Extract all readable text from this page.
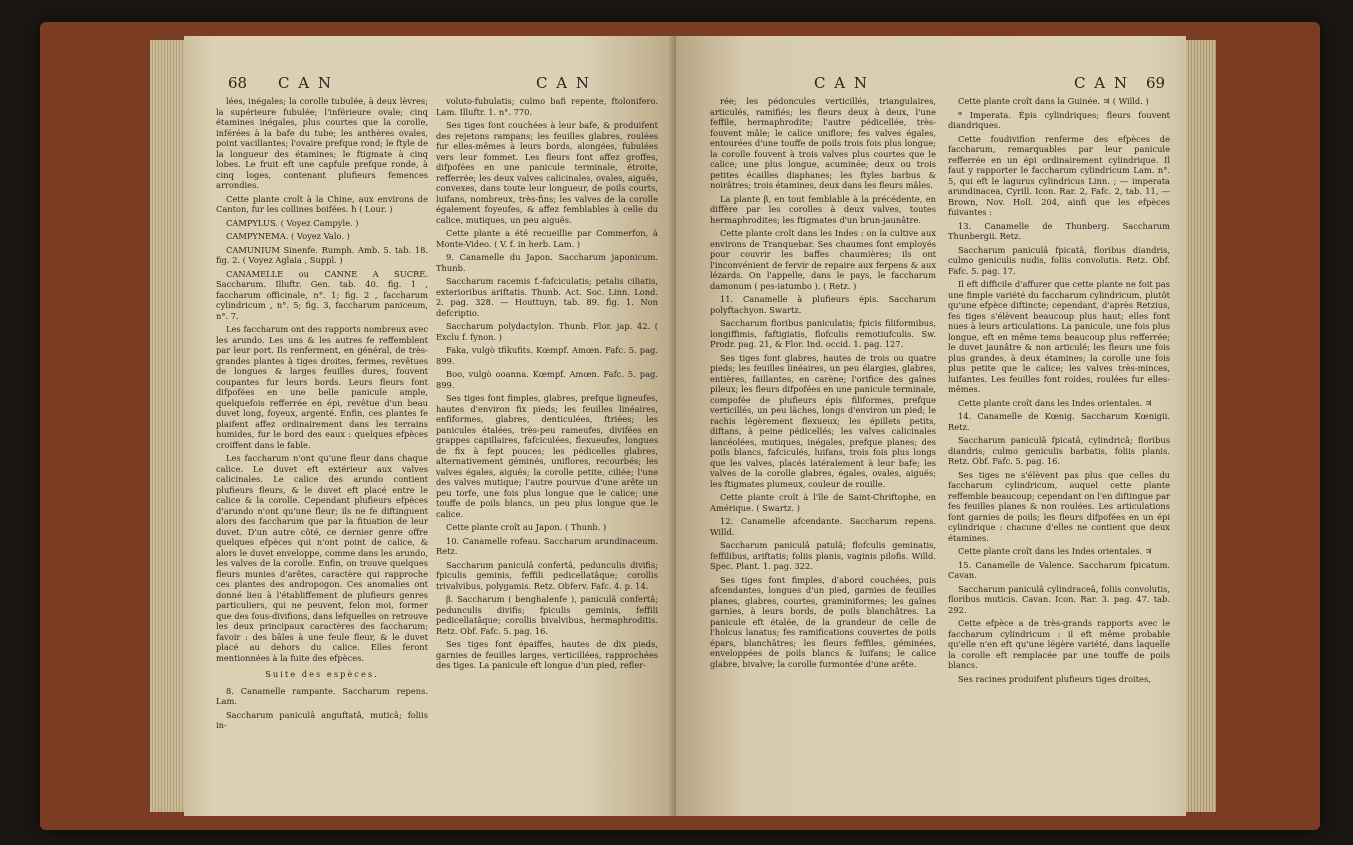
68 C A N	C A N

lées, inégales; la corolle tubulée, à deux lèvres; la supérieure fubulée; l'inférieure ovale; cinq étamines inégales, plus courtes que la corolle, inférées à la bafe du tube; les anthères ovales, point vacillantes; l'ovaire prefque rond; le ftyle de la longueur des étamines; le ftigmate à cinq lobes. Le fruit eft une capfule prefque ronde, à cinq loges, contenant plufieurs femences arrondies.

Cette plante croît à la Chine, aux environs de Canton, fur les collines boifées. ħ ( Lour. )

CAMPYLUS. ( Voyez Campyle. )

CAMPYNEMA. ( Voyez Valo. )

CAMUNIUM Sinenfe. Rumph. Amb. 5. tab. 18. fig. 2. ( Voyez Aglaia , Suppl. )

CANAMELLE ou CANNE A SUCRE. Saccharum. Illuftr. Gen. tab. 40. fig. 1 , faccharum officinale, n°. 1; fig. 2 , faccharum cylindricum , n°. 5; fig. 3, faccharum paniceum, n°. 7.

Les faccharum ont des rapports nombreux avec les arundo. Les uns & les autres fe reffemblent par leur port. Ils renferment, en général, de très-grandes plantes à tiges droites, fermes, revêtues de longues & larges feuilles dures, fouvent coupantes fur leurs bords. Leurs fleurs font difpofées en une belle panicule ample, quelquefois refferrée en épi, revêtue d'un beau duvet long, foyeux, argenté. Enfin, ces plantes fe plaifent affez ordinairement dans les terrains humides, fur le bord des eaux : quelques efpèces croiffent dans le fable.

Les faccharum n'ont qu'une fleur dans chaque calice. Le duvet eft extérieur aux valves calicinales. Le calice des arundo contient plufieurs fleurs, & le duvet eft placé entre le calice & la corolle. Cependant plufieurs efpèces d'arundo n'ont qu'une fleur; ils ne fe diftinguent alors des faccharum que par la fituation de leur duvet. D'un autre côté, ce dernier genre offre quelques efpèces qui n'ont point de calice, & alors le duvet enveloppe, comme dans les arundo, les valves de la corolle. Enfin, on trouve quelques fleurs munies d'arêtes, caractère qui rapproche ces plantes des andropogon. Ces anomalies ont donné lieu à l'établiffement de plufieurs genres particuliers, qui ne peuvent, felon moi, former que des fous-divifions, dans lefquelles on retrouve les deux principaux caractères des faccharum; favoir : des bâles à une feule fleur, & le duvet placé au dehors du calice. Elles feront mentionnées à la fuite des efpèces.

Suite des espèces.

8. Canamelle rampante. Saccharum repens. Lam.

Saccharum paniculâ anguftatâ, muticâ; foliis in-

voluto-fubulatis; culmo bafi repente, ftolonifero. Lam. Illuftr. 1. n°. 770.

Ses tiges font couchées à leur bafe, & produifent des rejetons rampans; les feuilles glabres, roulées fur elles-mêmes à leurs bords, alongées, fubulées vers leur fommet. Les fleurs font affez groffes, difpofées en une panicule terminale, étroite, refferrée; les deux valves calicinales, ovales, aiguës, convexes, dans toute leur longueur, de poils courts, luifans, nombreux, très-fins; les valves de la corolle également foyeufes, & affez femblables à celle du calice, mutiques, un peu aiguës.

Cette plante a été recueillie par Commerfon, à Monte-Video. ( V. f. in herb. Lam. )

9. Canamelle du Japon. Saccharum japonicum. Thunb.

Saccharum racemis f.-fafciculatis; petalis ciliatis, exterioribus ariftatis. Thunb. Act. Soc. Linn. Lond. 2. pag. 328. — Houttuyn, tab. 89. fig. 1. Non defcriptio.

Saccharum polydactylon. Thunb. Flor. jap. 42. ( Exclu f. fynon. )

Faka, vulgò tfikufits. Kœmpf. Amœn. Fafc. 5. pag. 899.

Boo, vulgò ooanna. Kœmpf. Amœn. Fafc. 5. pag. 899.

Ses tiges font fimples, glabres, prefque ligneufes, hautes d'environ fix pieds; les feuilles linéaires, enfiformes, glabres, denticulées, ftriées; les panicules étalées, très-peu rameufes, divifées en grappes capillaires, fafciculées, flexueufes, longues de fix à fept pouces; les pédicelles glabres, alternativement géminés, uniflores, recourbés; les valves égales, aiguës; la corolle petite, ciliée; l'une des valves mutique; l'autre pourvue d'une arête un peu torfe, une fois plus longue que le calice; une touffe de poils blancs, un peu plus longue que le calice.

Cette plante croît au Japon. ( Thunb. )

10. Canamelle rofeau. Saccharum arundinaceum. Retz.

Saccharum paniculâ confertâ, pedunculis divifis; fpiculis geminis, feffili pedicellatâque; corollis trivalvibus, polygamis. Retz. Obferv. Fafc. 4. p. 14.

β. Saccharum ( benghalenfe ), paniculâ confertâ; pedunculis divifis; fpiculis geminis, feffili pedicellatâque; corollis bivalvibus, hermaphroditis. Retz. Obf. Fafc. 5. pag. 16.

Ses tiges font épaiffes, hautes de dix pieds, garnies de feuilles larges, verticillées, rapprochées des tiges. La panicule eft longue d'un pied, refler-

C A N	C A N 69

rée; les pédoncules verticillés, triangulaires, articulés, ramifiés; les fleurs deux à deux, l'une feffile, hermaphrodite; l'autre pédicellée, très-fouvent mâle; le calice uniflore; fes valves égales, entourées d'une touffe de poils trois fois plus longue; la corolle fouvent à trois valves plus courtes que le calice; une plus longue, acuminée; deux ou trois petites écailles diaphanes; les ftyles barbus & noirâtres; trois étamines, deux dans les fleurs mâles.

La plante β, en tout femblable à la précédente, en diffère par les corolles à deux valves, toutes hermaphrodites; les ftigmates d'un brun-jaunâtre.

Cette plante croît dans les Indes : on la cultive aux environs de Tranquebar. Ses chaumes font employés pour couvrir les baffes chaumières; ils ont l'inconvénient de fervir de repaire aux ferpens & aux lézards. On l'appelle, dans le pays, le faccharum damonum ( pes-iatumbo ). ( Retz. )

11. Canamelle à plufieurs épis. Saccharum polyftachyon. Swartz.

Saccharum floribus paniculatis; fpicis filiformibus, longiffimis, faftigiatis, flofculis remotiufculis. Sw. Prodr. pag. 21, & Flor. Ind. occid. 1. pag. 127.

Ses tiges font glabres, hautes de trois ou quatre pieds; les feuilles linéaires, un peu élargies, glabres, entières, faillantes, en carène; l'orifice des gaînes pileux; les fleurs difpofées en une panicule terminale, compofée de plufieurs épis filiformes, prefque verticillés, un peu lâches, longs d'environ un pied; le rachis légèrement flexueux; les épillets petits, diftans, à peine pédicellés; les valves calicinales lancéolées, mutiques, inégales, prefque planes; des poils blancs, fafciculés, luifans, trois fois plus longs que les valves, placés latéralement à leur bafe; les valves de la corolle glabres, égales, ovales, aiguës; les ftigmates plumeux, couleur de rouille.

Cette plante croît à l'île de Saint-Chriftophe, en Amérique. ( Swartz. )

12. Canamelle afcendante. Saccharum repens. Willd.

Saccharum paniculâ patulâ; flofculis geminatis, feffilibus, ariftatis; foliis planis, vaginis pilofis. Willd. Spec. Plant. 1. pag. 322.

Ses tiges font fimples, d'abord couchées, puis afcendantes, longues d'un pied, garnies de feuilles planes, glabres, courtes, graminiformes; les gaînes garnies, à leurs bords, de poils blanchâtres. La panicule eft étalée, de la grandeur de celle de l'holcus lanatus; fes ramifications couvertes de poils épars, blanchâtres; les fleurs feffiles, géminées, enveloppées de poils blancs & luifans; le calice glabre, bivalve; la corolle furmontée d'une arête.

Cette plante croît dans la Guinée. ♃ ( Willd. )

* Imperata. Épis cylindriques; fleurs fouvent diandriques.

Cette foudivifion renferme des efpèces de faccharum, remarquables par leur panicule refferrée en un épi ordinairement cylindrique. Il faut y rapporter le faccharum cylindricum Lam. n°. 5, qui eft le lagurus cylindricus Linn. ; — imperata arundinacea, Cyrill. Icon. Rar. 2, Fafc. 2, tab. 11, — Brown, Nov. Holl. 204, ainfi que les efpèces fuivantes :

13. Canamelle de Thunberg. Saccharum Thunbergii. Retz.

Saccharum paniculâ fpicatâ, floribus diandris, culmo geniculis nudis, foliis convolutis. Retz. Obf. Fafc. 5. pag. 17.

Il eft difficile d'affurer que cette plante ne foit pas une fimple variété du faccharum cylindricum, plutôt qu'une efpèce diftincte; cependant, d'après Retzius, fes tiges s'élèvent beaucoup plus haut; elles font nues à leurs articulations. La panicule, une fois plus longue, eft en même tems beaucoup plus refferrée; le duvet jaunâtre & non articulé; les fleurs une fois plus grandes, à deux étamines; la corolle une fois plus petite que le calice; les valves très-minces, luifantes. Les feuilles font roides, roulées fur elles-mêmes.

Cette plante croît dans les Indes orientales. ♃

14. Canamelle de Kœnig. Saccharum Kœnigii. Retz.

Saccharum paniculâ fpicatâ, cylindricâ; floribus diandris; culmo geniculis barbatis, foliis planis. Retz. Obf. Fafc. 5. pag. 16.

Ses tiges ne s'élèvent pas plus que celles du faccharum cylindricum, auquel cette plante reffemble beaucoup; cependant on l'en diftingue par fes feuilles planes & non roulées. Les articulations font garnies de poils; les fleurs difpofées en un épi cylindrique : chacune d'elles ne contient que deux étamines.

Cette plante croît dans les Indes orientales. ♃

15. Canamelle de Valence. Saccharum fpicatum. Cavan.

Saccharum paniculâ cylindraceâ, foliis convolutis, floribus muticis. Cavan. Icon. Rar. 3. pag. 47. tab. 292.

Cette efpèce a de très-grands rapports avec le faccharum cylindricum : il eft même probable qu'elle n'en eft qu'une légère variété, dans laquelle la corolle eft remplacée par une touffe de poils blancs.

Ses racines produifent plufieurs tiges droites,
